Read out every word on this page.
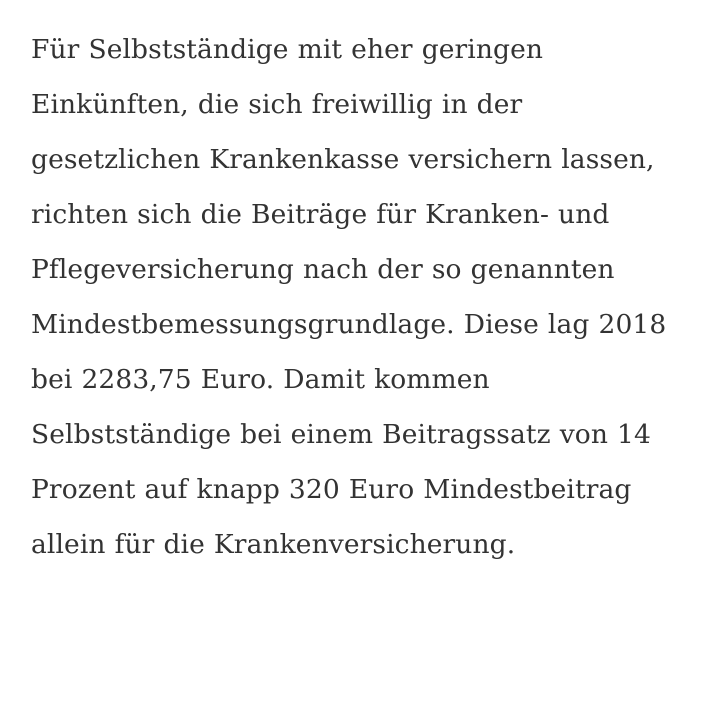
Für Selbstständige mit eher geringen Einkünften, die sich freiwillig in der gesetzlichen Krankenkasse versichern lassen, richten sich die Beiträge für Kranken- und Pflegeversicherung nach der so genannten Mindestbemessungsgrundlage. Diese lag 2018 bei 2283,75 Euro. Damit kommen Selbstständige bei einem Beitragssatz von 14 Prozent auf knapp 320 Euro Mindestbeitrag allein für die Krankenversicherung.
